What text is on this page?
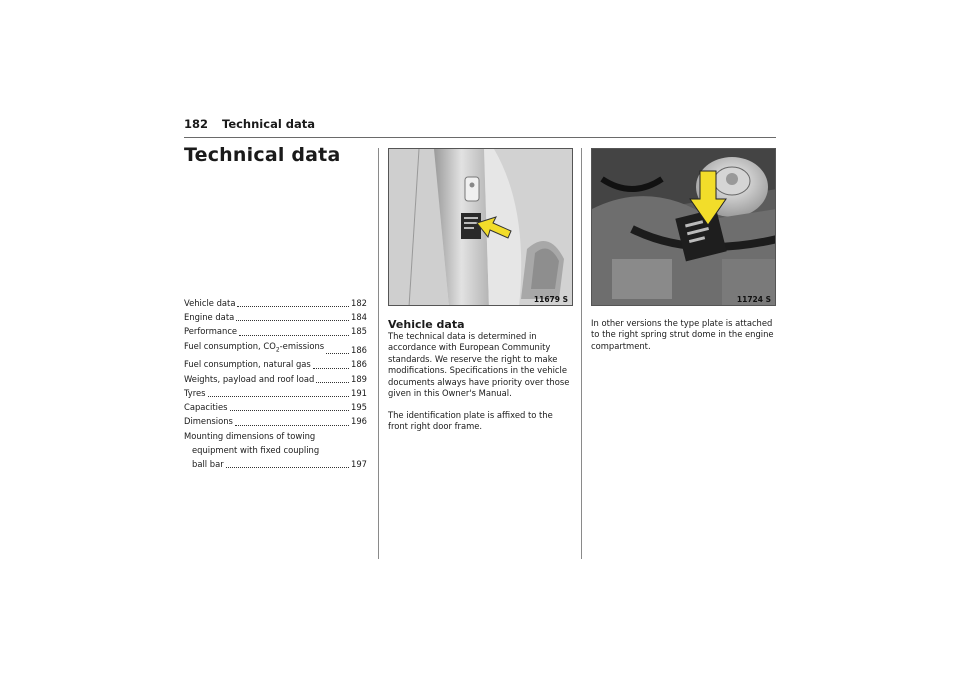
182 Technical data
Technical data
Vehicle data	182
Engine data	184
Performance	185
Fuel consumption, $CO_2$-emissions	186
Fuel consumption, natural gas	186
Weights, payload and roof load	189
Tyres	191
Capacities	195
Dimensions	196
Mounting dimensions of towing
equipment with fixed coupling
ball bar	197
11679 S
Vehicle data
The technical data is determined in
accordance with European Community
standards. We reserve the right to make
modifications. Specifications in the vehicle
documents always have priority over those
given in this Owner's Manual.
The identification plate is affixed to the
front right door frame.
11724 S
In other versions the type plate is attached
to the right spring strut dome in the engine
compartment.
